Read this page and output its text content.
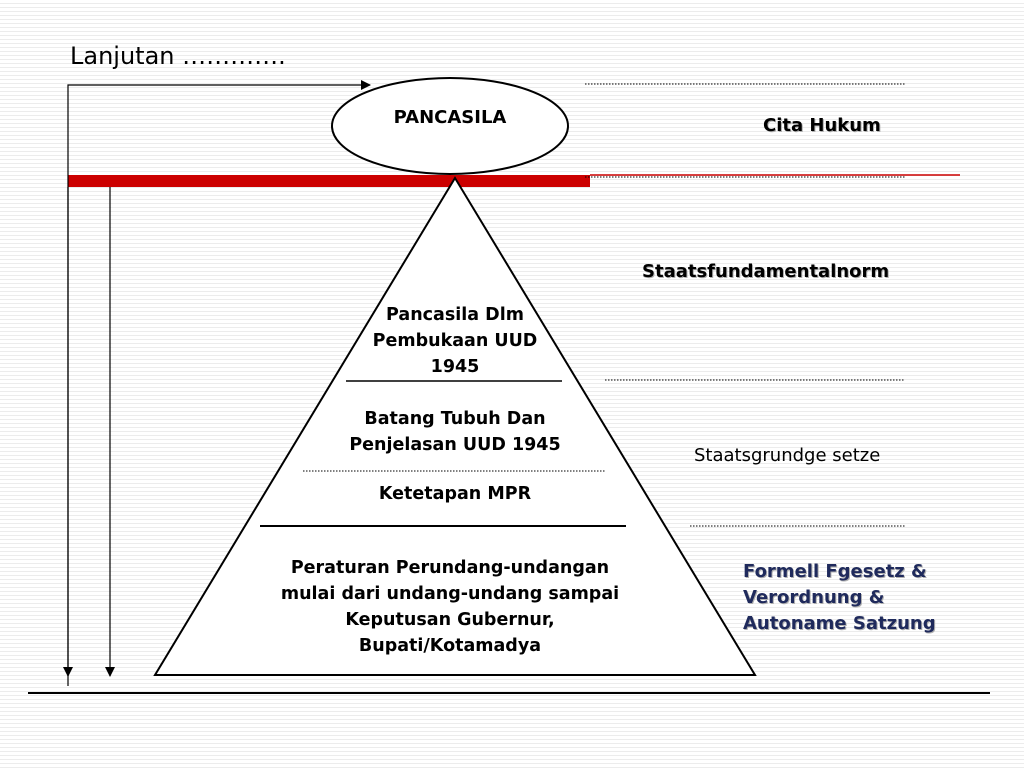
Lanjutan ………….
PANCASILA
Pancasila Dlm
Pembukaan UUD
1945
Batang Tubuh Dan
Penjelasan UUD 1945
Ketetapan MPR
Peraturan Perundang-undangan
mulai dari undang-undang sampai
Keputusan Gubernur,
Bupati/Kotamadya
Cita Hukum
Staatsfundamentalnorm
Staatsgrundge setze
Formell Fgesetz &
Verordnung &
Autoname Satzung
